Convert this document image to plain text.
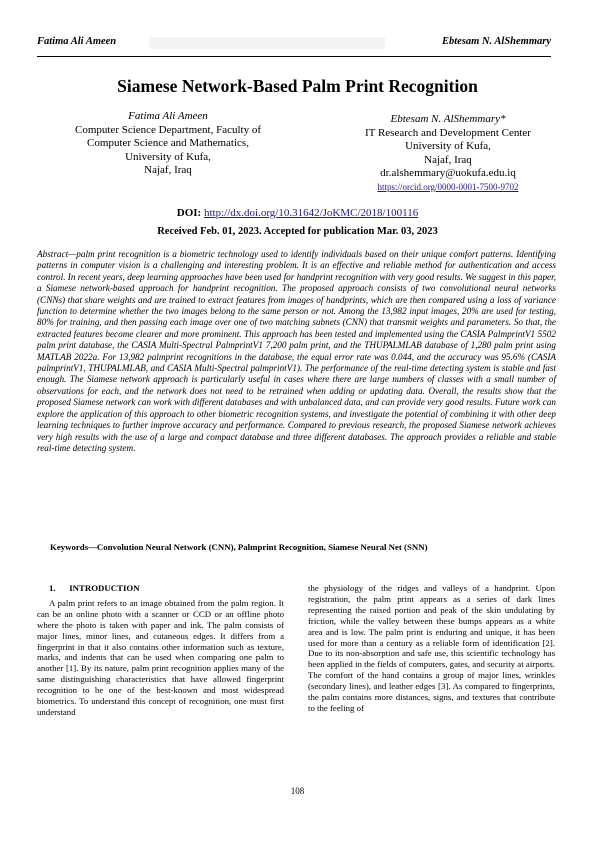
Fatima Ali Ameen	Ebtesam N. AlShemmary
Siamese Network-Based Palm Print Recognition
Fatima Ali Ameen
Computer Science Department, Faculty of Computer Science and Mathematics,
University of Kufa,
Najaf, Iraq
Ebtesam N. AlShemmary*
IT Research and Development Center
University of Kufa,
Najaf, Iraq
dr.alshemmary@uokufa.edu.iq
https://orcid.org/0000-0001-7500-9702
DOI: http://dx.doi.org/10.31642/JoKMC/2018/100116
Received Feb. 01, 2023. Accepted for publication Mar. 03, 2023

Abstract—palm print recognition is a biometric technology used to identify individuals based on their unique comfort patterns. Identifying patterns in computer vision is a challenging and interesting problem. It is an effective and reliable method for authentication and access control. In recent years, deep learning approaches have been used for handprint recognition with very good results. We suggest in this paper, a Siamese network-based approach for handprint recognition. The proposed approach consists of two convolutional neural networks (CNNs) that share weights and are trained to extract features from images of handprints, which are then compared using a loss of variance function to determine whether the two images belong to the same person or not. Among the 13,982 input images, 20% are used for testing, 80% for training, and then passing each image over one of two matching subnets (CNN) that transmit weights and parameters. So that, the extracted features become clearer and more prominent. This approach has been tested and implemented using the CASIA PalmprintV1 5502 palm print database, the CASIA Multi-Spectral PalmprintV1 7,200 palm print, and the THUPALMLAB database of 1,280 palm print using MATLAB 2022a. For 13,982 palmprint recognitions in the database, the equal error rate was 0.044, and the accuracy was 95.6% (CASIA palmprintV1, THUPALMLAB, and CASIA Multi-Spectral palmprintV1). The performance of the real-time detecting system is stable and fast enough. The Siamese network approach is particularly useful in cases where there are large numbers of classes with a small number of observations for each, and the network does not need to be retrained when adding or updating data. Overall, the results show that the proposed Siamese network can work with different databases and with unbalanced data, and can provide very good results. Future work can explore the application of this approach to other biometric recognition systems, and investigate the potential of combining it with other deep learning techniques to further improve accuracy and performance. Compared to previous research, the proposed Siamese network achieves very high results with the use of a large and compact database and three different databases. The approach provides a reliable and stable real-time detecting system.

Keywords—Convolution Neural Network (CNN), Palmprint Recognition, Siamese Neural Net (SNN)
1. INTRODUCTION

A palm print refers to an image obtained from the palm region. It can be an online photo with a scanner or CCD or an offline photo where the photo is taken with paper and ink. The palm consists of major lines, minor lines, and cutaneous edges. It differs from a fingerprint in that it also contains other information such as texture, marks, and indents that can be used when comparing one palm to another [1]. By its nature, palm print recognition applies many of the same distinguishing characteristics that have allowed fingerprint recognition to be one of the best-known and most widespread biometrics. To understand this concept of recognition, one must first understand

the physiology of the ridges and valleys of a handprint. Upon registration, the palm print appears as a series of dark lines representing the raised portion and peak of the skin undulating by friction, while the valley between these bumps appears as a white area and is low. The palm print is enduring and unique, it has been used for more than a century as a reliable form of identification [2]. Due to its non-absorption and safe use, this scientific technology has been applied in the fields of computers, gates, and security at airports. The comfort of the hand contains a group of major lines, wrinkles (secondary lines), and leather edges [3]. As compared to fingerprints, the palm contains more distances, signs, and textures that contribute to the feeling of

108
